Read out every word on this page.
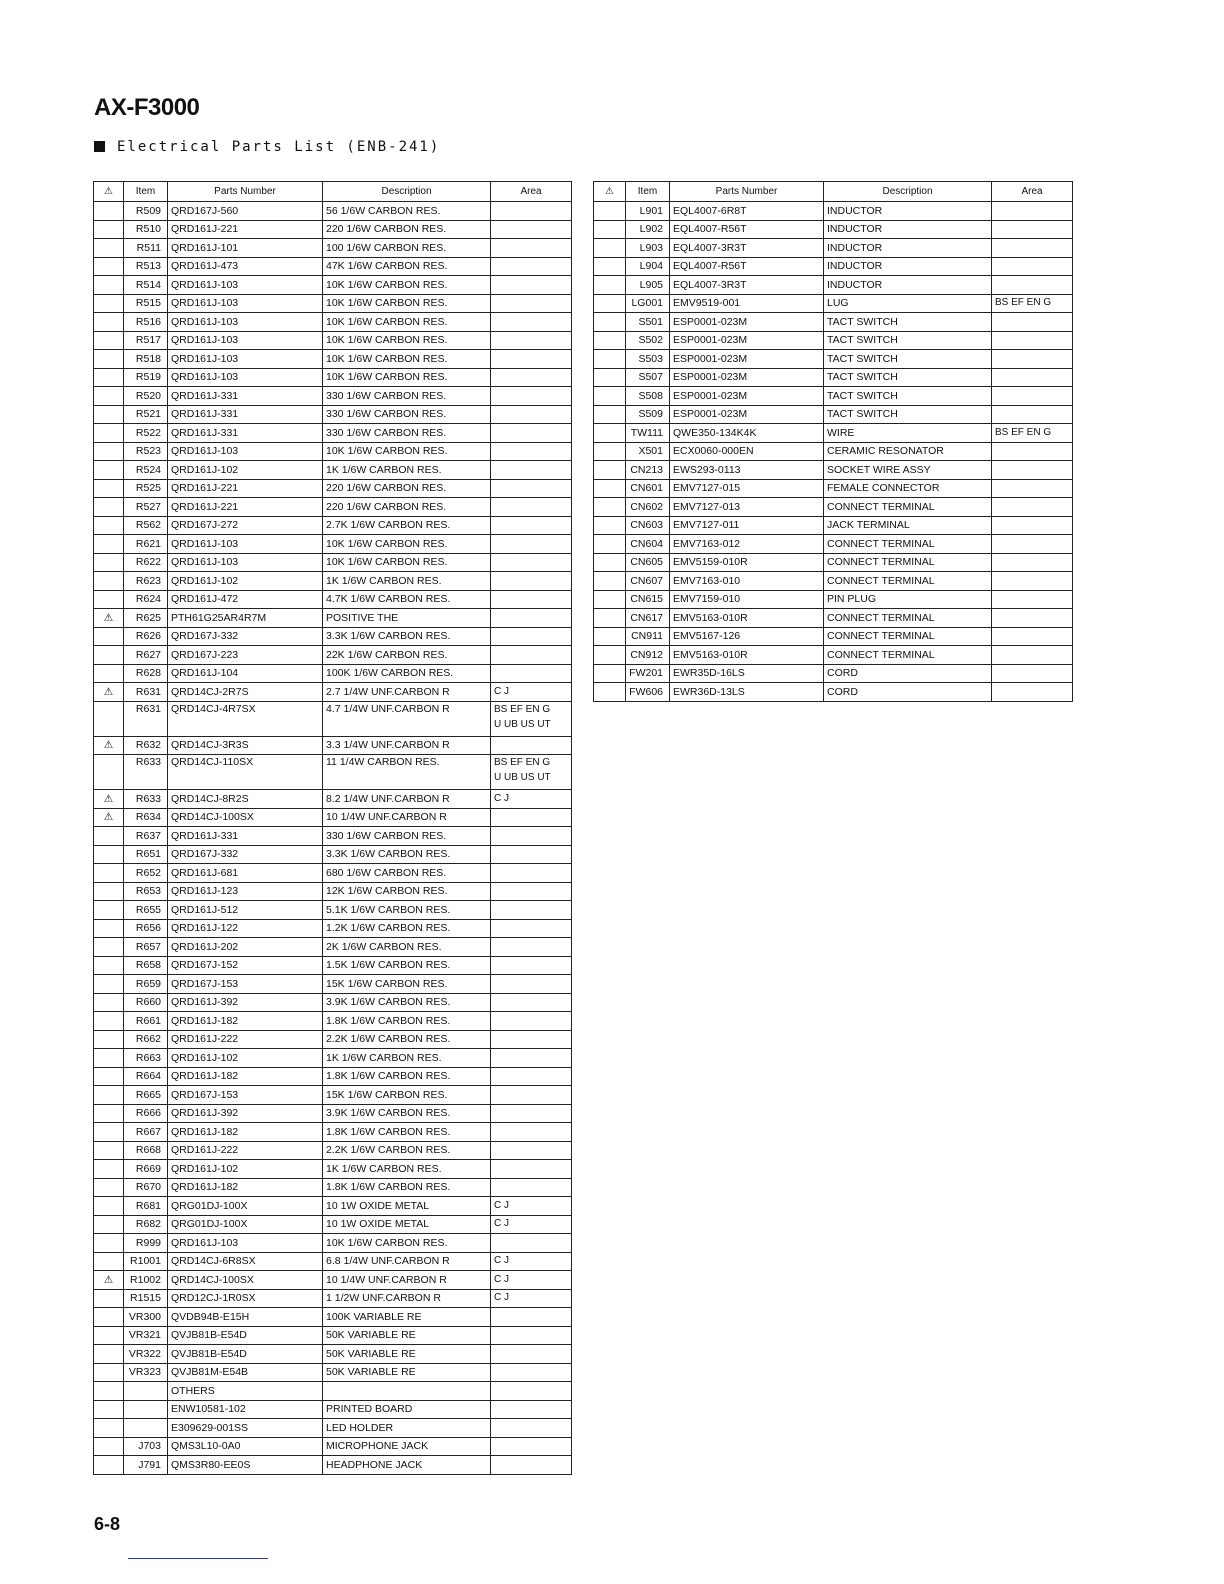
AX-F3000
Electrical Parts List (ENB-241)
⚠	Item	Parts Number	Description	Area
	R509	QRD167J-560	56 1/6W CARBON RES.	
	R510	QRD161J-221	220 1/6W CARBON RES.	
	R511	QRD161J-101	100 1/6W CARBON RES.	
	R513	QRD161J-473	47K 1/6W CARBON RES.	
	R514	QRD161J-103	10K 1/6W CARBON RES.	
	R515	QRD161J-103	10K 1/6W CARBON RES.	
	R516	QRD161J-103	10K 1/6W CARBON RES.	
	R517	QRD161J-103	10K 1/6W CARBON RES.	
	R518	QRD161J-103	10K 1/6W CARBON RES.	
	R519	QRD161J-103	10K 1/6W CARBON RES.	
	R520	QRD161J-331	330 1/6W CARBON RES.	
	R521	QRD161J-331	330 1/6W CARBON RES.	
	R522	QRD161J-331	330 1/6W CARBON RES.	
	R523	QRD161J-103	10K 1/6W CARBON RES.	
	R524	QRD161J-102	1K 1/6W CARBON RES.	
	R525	QRD161J-221	220 1/6W CARBON RES.	
	R527	QRD161J-221	220 1/6W CARBON RES.	
	R562	QRD167J-272	2.7K 1/6W CARBON RES.	
	R621	QRD161J-103	10K 1/6W CARBON RES.	
	R622	QRD161J-103	10K 1/6W CARBON RES.	
	R623	QRD161J-102	1K 1/6W CARBON RES.	
	R624	QRD161J-472	4.7K 1/6W CARBON RES.	
⚠	R625	PTH61G25AR4R7M	POSITIVE THE	
	R626	QRD167J-332	3.3K 1/6W CARBON RES.	
	R627	QRD167J-223	22K 1/6W CARBON RES.	
	R628	QRD161J-104	100K 1/6W CARBON RES.	
⚠	R631	QRD14CJ-2R7S	2.7 1/4W UNF.CARBON R	C J
	R631	QRD14CJ-4R7SX	4.7 1/4W UNF.CARBON R	BS EF EN G
U UB US UT
⚠	R632	QRD14CJ-3R3S	3.3 1/4W UNF.CARBON R	
	R633	QRD14CJ-110SX	11 1/4W CARBON RES.	BS EF EN G
U UB US UT
⚠	R633	QRD14CJ-8R2S	8.2 1/4W UNF.CARBON R	C J
⚠	R634	QRD14CJ-100SX	10 1/4W UNF.CARBON R	
	R637	QRD161J-331	330 1/6W CARBON RES.	
	R651	QRD167J-332	3.3K 1/6W CARBON RES.	
	R652	QRD161J-681	680 1/6W CARBON RES.	
	R653	QRD161J-123	12K 1/6W CARBON RES.	
	R655	QRD161J-512	5.1K 1/6W CARBON RES.	
	R656	QRD161J-122	1.2K 1/6W CARBON RES.	
	R657	QRD161J-202	2K 1/6W CARBON RES.	
	R658	QRD167J-152	1.5K 1/6W CARBON RES.	
	R659	QRD167J-153	15K 1/6W CARBON RES.	
	R660	QRD161J-392	3.9K 1/6W CARBON RES.	
	R661	QRD161J-182	1.8K 1/6W CARBON RES.	
	R662	QRD161J-222	2.2K 1/6W CARBON RES.	
	R663	QRD161J-102	1K 1/6W CARBON RES.	
	R664	QRD161J-182	1.8K 1/6W CARBON RES.	
	R665	QRD167J-153	15K 1/6W CARBON RES.	
	R666	QRD161J-392	3.9K 1/6W CARBON RES.	
	R667	QRD161J-182	1.8K 1/6W CARBON RES.	
	R668	QRD161J-222	2.2K 1/6W CARBON RES.	
	R669	QRD161J-102	1K 1/6W CARBON RES.	
	R670	QRD161J-182	1.8K 1/6W CARBON RES.	
	R681	QRG01DJ-100X	10 1W OXIDE METAL	C J
	R682	QRG01DJ-100X	10 1W OXIDE METAL	C J
	R999	QRD161J-103	10K 1/6W CARBON RES.	
	R1001	QRD14CJ-6R8SX	6.8 1/4W UNF.CARBON R	C J
⚠	R1002	QRD14CJ-100SX	10 1/4W UNF.CARBON R	C J
	R1515	QRD12CJ-1R0SX	1 1/2W UNF.CARBON R	C J
	VR300	QVDB94B-E15H	100K VARIABLE RE	
	VR321	QVJB81B-E54D	50K VARIABLE RE	
	VR322	QVJB81B-E54D	50K VARIABLE RE	
	VR323	QVJB81M-E54B	50K VARIABLE RE	
		OTHERS		
		ENW10581-102	PRINTED BOARD	
		E309629-001SS	LED HOLDER	
	J703	QMS3L10-0A0	MICROPHONE JACK	
	J791	QMS3R80-EE0S	HEADPHONE JACK	
⚠	Item	Parts Number	Description	Area
	L901	EQL4007-6R8T	INDUCTOR	
	L902	EQL4007-R56T	INDUCTOR	
	L903	EQL4007-3R3T	INDUCTOR	
	L904	EQL4007-R56T	INDUCTOR	
	L905	EQL4007-3R3T	INDUCTOR	
	LG001	EMV9519-001	LUG	BS EF EN G
	S501	ESP0001-023M	TACT SWITCH	
	S502	ESP0001-023M	TACT SWITCH	
	S503	ESP0001-023M	TACT SWITCH	
	S507	ESP0001-023M	TACT SWITCH	
	S508	ESP0001-023M	TACT SWITCH	
	S509	ESP0001-023M	TACT SWITCH	
	TW111	QWE350-134K4K	WIRE	BS EF EN G
	X501	ECX0060-000EN	CERAMIC RESONATOR	
	CN213	EWS293-0113	SOCKET WIRE ASSY	
	CN601	EMV7127-015	FEMALE CONNECTOR	
	CN602	EMV7127-013	CONNECT TERMINAL	
	CN603	EMV7127-011	JACK TERMINAL	
	CN604	EMV7163-012	CONNECT TERMINAL	
	CN605	EMV5159-010R	CONNECT TERMINAL	
	CN607	EMV7163-010	CONNECT TERMINAL	
	CN615	EMV7159-010	PIN PLUG	
	CN617	EMV5163-010R	CONNECT TERMINAL	
	CN911	EMV5167-126	CONNECT TERMINAL	
	CN912	EMV5163-010R	CONNECT TERMINAL	
	FW201	EWR35D-16LS	CORD	
	FW606	EWR36D-13LS	CORD	
6-8
